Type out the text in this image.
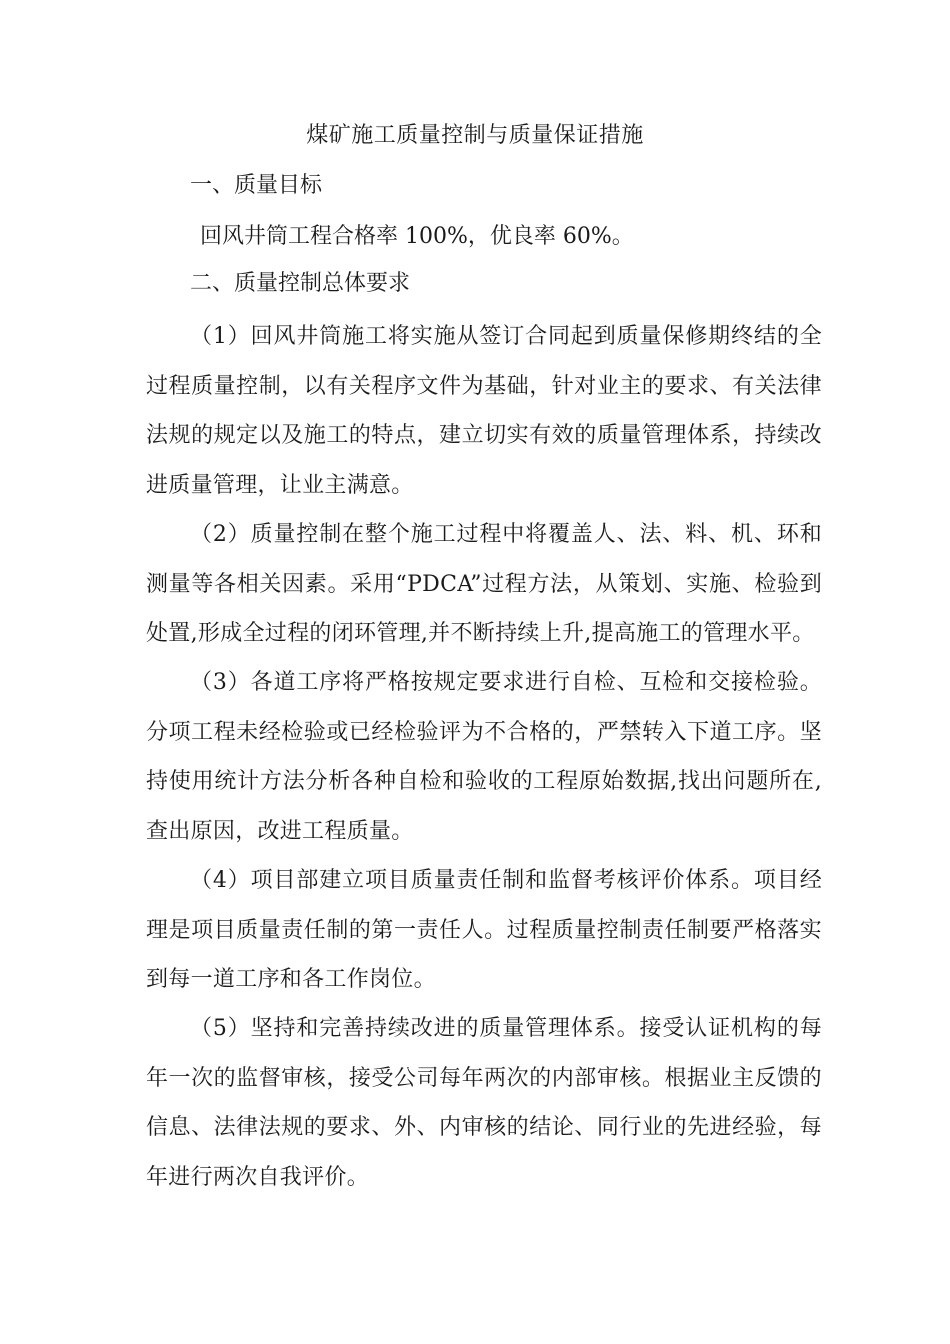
煤矿施工质量控制与质量保证措施
一、质量目标
回风井筒工程合格率 100%，优良率 60%。
二、质量控制总体要求
（1）回风井筒施工将实施从签订合同起到质量保修期终结的全过程质量控制，以有关程序文件为基础，针对业主的要求、有关法律法规的规定以及施工的特点，建立切实有效的质量管理体系，持续改进质量管理，让业主满意。
（2）质量控制在整个施工过程中将覆盖人、法、料、机、环和测量等各相关因素。采用“PDCA”过程方法，从策划、实施、检验到处置,形成全过程的闭环管理,并不断持续上升,提高施工的管理水平。
（3）各道工序将严格按规定要求进行自检、互检和交接检验。分项工程未经检验或已经检验评为不合格的，严禁转入下道工序。坚持使用统计方法分析各种自检和验收的工程原始数据,找出问题所在,查出原因，改进工程质量。
（4）项目部建立项目质量责任制和监督考核评价体系。项目经理是项目质量责任制的第一责任人。过程质量控制责任制要严格落实到每一道工序和各工作岗位。
（5）坚持和完善持续改进的质量管理体系。接受认证机构的每年一次的监督审核，接受公司每年两次的内部审核。根据业主反馈的信息、法律法规的要求、外、内审核的结论、同行业的先进经验，每年进行两次自我评价。
